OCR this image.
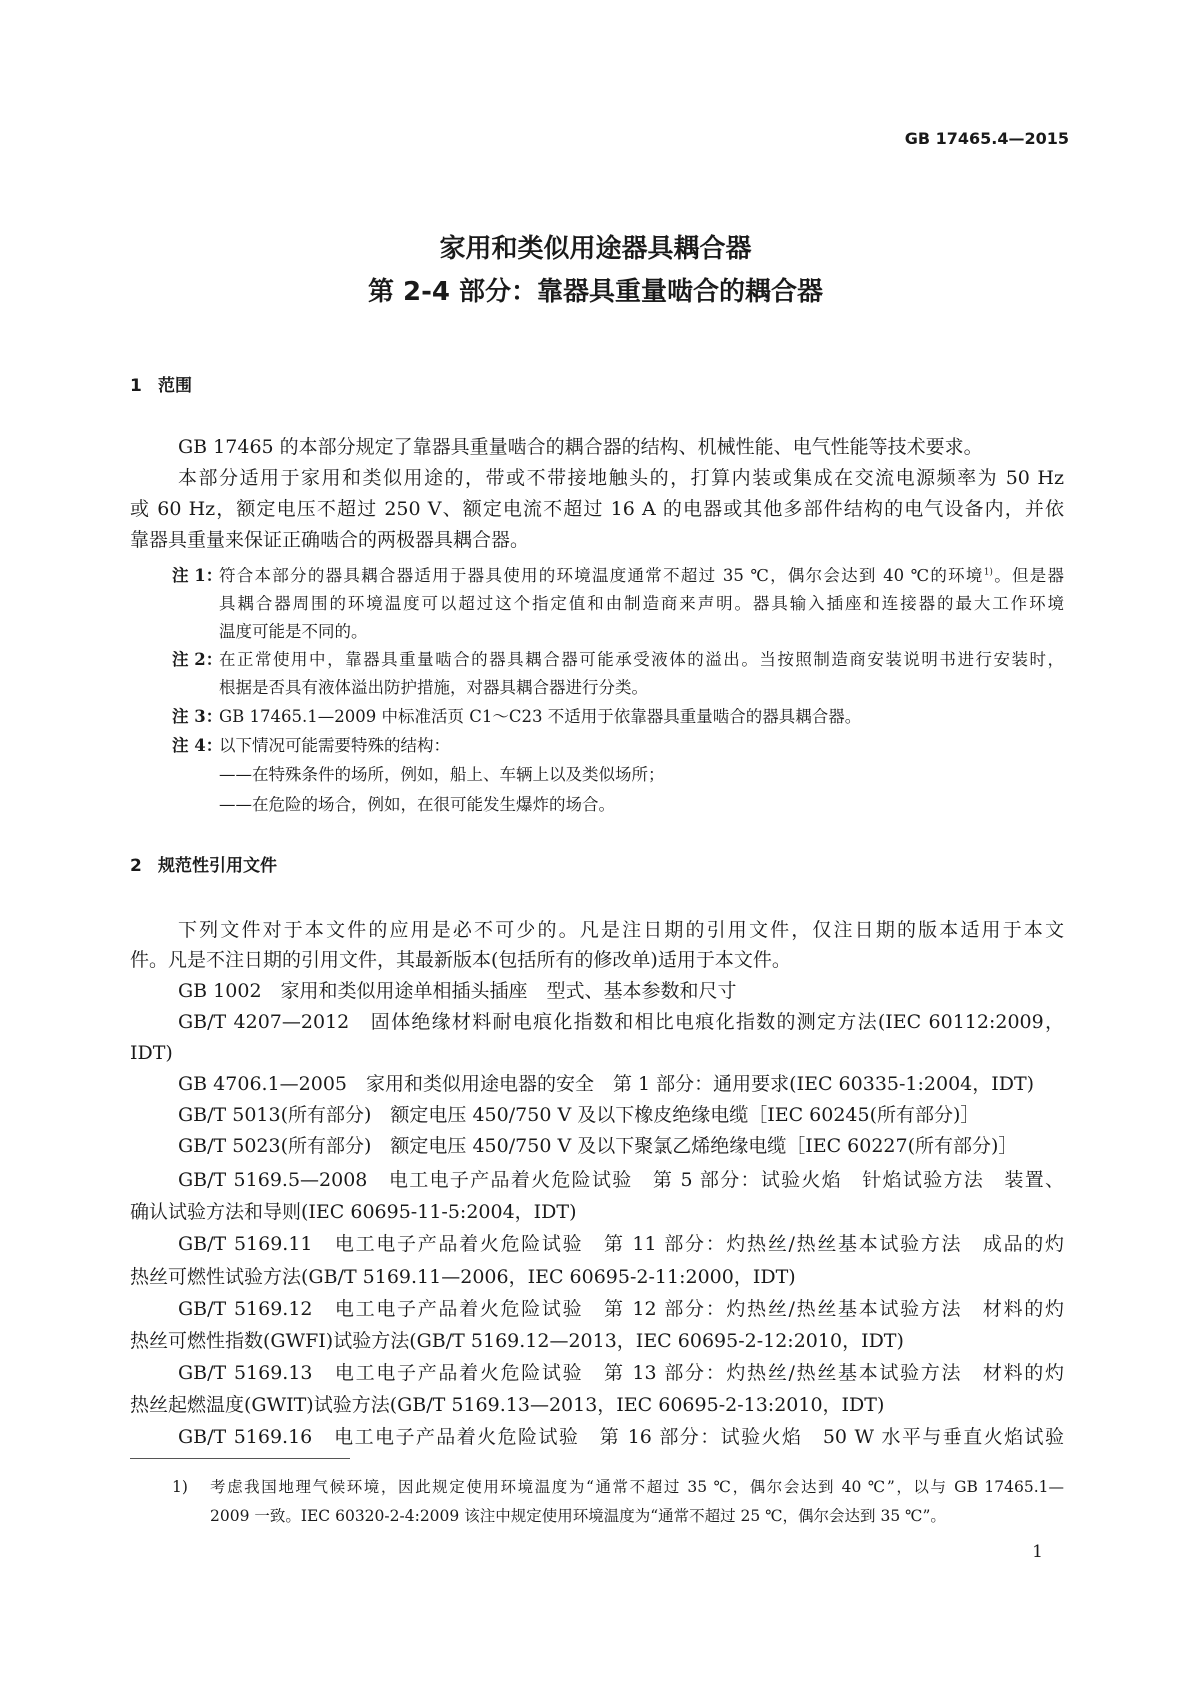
GB 17465.4—2015
家用和类似用途器具耦合器
第 2-4 部分：靠器具重量啮合的耦合器
1 范围
GB 17465 的本部分规定了靠器具重量啮合的耦合器的结构、机械性能、电气性能等技术要求。
本部分适用于家用和类似用途的，带或不带接地触头的，打算内装或集成在交流电源频率为 50 Hz
或 60 Hz，额定电压不超过 250 V、额定电流不超过 16 A 的电器或其他多部件结构的电气设备内，并依
靠器具重量来保证正确啮合的两极器具耦合器。
注 1：
符合本部分的器具耦合器适用于器具使用的环境温度通常不超过 35 ℃，偶尔会达到 40 ℃的环境$^{1)}$。但是器
具耦合器周围的环境温度可以超过这个指定值和由制造商来声明。器具输入插座和连接器的最大工作环境
温度可能是不同的。
注 2：
在正常使用中，靠器具重量啮合的器具耦合器可能承受液体的溢出。当按照制造商安装说明书进行安装时，
根据是否具有液体溢出防护措施，对器具耦合器进行分类。
注 3：
GB 17465.1—2009 中标准活页 C1～C23 不适用于依靠器具重量啮合的器具耦合器。
注 4：
以下情况可能需要特殊的结构：
——在特殊条件的场所，例如，船上、车辆上以及类似场所；
——在危险的场合，例如，在很可能发生爆炸的场合。
2 规范性引用文件
下列文件对于本文件的应用是必不可少的。凡是注日期的引用文件，仅注日期的版本适用于本文
件。凡是不注日期的引用文件，其最新版本(包括所有的修改单)适用于本文件。
GB 1002　家用和类似用途单相插头插座　型式、基本参数和尺寸
GB/T 4207—2012　固体绝缘材料耐电痕化指数和相比电痕化指数的测定方法(IEC 60112:2009，
IDT)
GB 4706.1—2005　家用和类似用途电器的安全　第 1 部分：通用要求(IEC 60335-1:2004，IDT)
GB/T 5013(所有部分)　额定电压 450/750 V 及以下橡皮绝缘电缆［IEC 60245(所有部分)］
GB/T 5023(所有部分)　额定电压 450/750 V 及以下聚氯乙烯绝缘电缆［IEC 60227(所有部分)］
GB/T 5169.5—2008　电工电子产品着火危险试验　第 5 部分：试验火焰　针焰试验方法　装置、
确认试验方法和导则(IEC 60695-11-5:2004，IDT)
GB/T 5169.11　电工电子产品着火危险试验　第 11 部分：灼热丝/热丝基本试验方法　成品的灼
热丝可燃性试验方法(GB/T 5169.11—2006，IEC 60695-2-11:2000，IDT)
GB/T 5169.12　电工电子产品着火危险试验　第 12 部分：灼热丝/热丝基本试验方法　材料的灼
热丝可燃性指数(GWFI)试验方法(GB/T 5169.12—2013，IEC 60695-2-12:2010，IDT)
GB/T 5169.13　电工电子产品着火危险试验　第 13 部分：灼热丝/热丝基本试验方法　材料的灼
热丝起燃温度(GWIT)试验方法(GB/T 5169.13—2013，IEC 60695-2-13:2010，IDT)
GB/T 5169.16　电工电子产品着火危险试验　第 16 部分：试验火焰　50 W 水平与垂直火焰试验
1) 考虑我国地理气候环境，因此规定使用环境温度为“通常不超过 35 ℃，偶尔会达到 40 ℃”，以与 GB 17465.1—
2009 一致。IEC 60320-2-4:2009 该注中规定使用环境温度为“通常不超过 25 ℃，偶尔会达到 35 ℃”。
1
